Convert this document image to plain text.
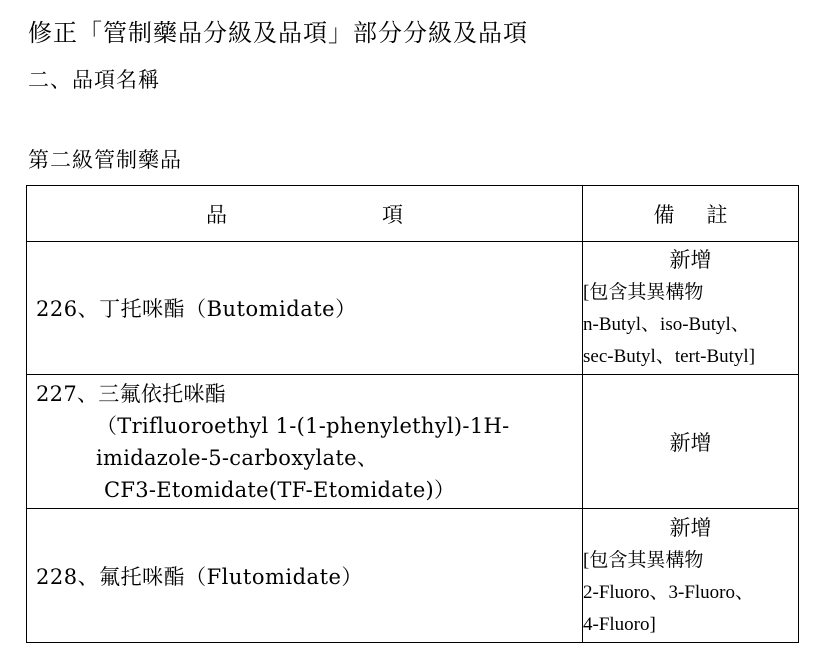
修正「管制藥品分級及品項」部分分級及品項
二、品項名稱
第二級管制藥品
品 項	備 註

226、丁托咪酯（Butomidate）	新增
[包含其異構物
n-Butyl、iso-Butyl、
sec-Butyl、tert-Butyl]

227、三氟依托咪酯
（Trifluoroethyl 1-(1-phenylethyl)-1H-
imidazole-5-carboxylate、
CF3-Etomidate(TF-Etomidate)）	新增

228、氟托咪酯（Flutomidate）	新增
[包含其異構物
2-Fluoro、3-Fluoro、
4-Fluoro]
